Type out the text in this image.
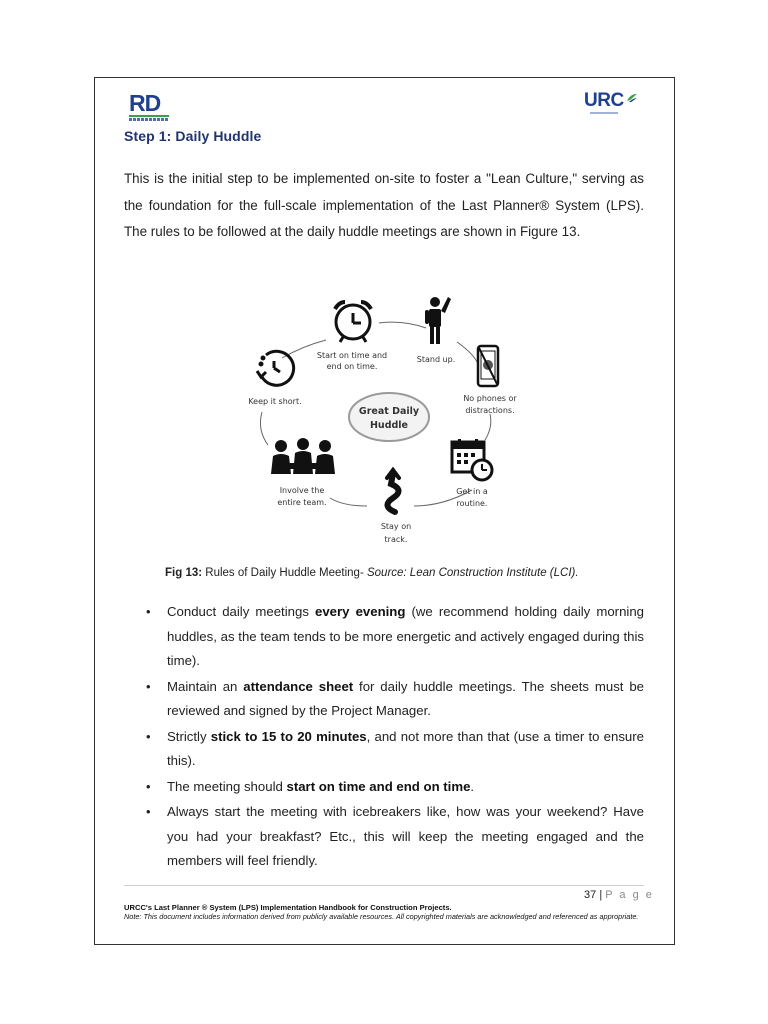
RD	URC
Step 1: Daily Huddle
This is the initial step to be implemented on-site to foster a "Lean Culture," serving as the foundation for the full-scale implementation of the Last Planner® System (LPS). The rules to be followed at the daily huddle meetings are shown in Figure 13.
Great Daily
Huddle
Start on time and
end on time.
Stand up.
No phones or
distractions.
Get in a
routine.
Stay on
track.
Involve the
entire team.
Keep it short.
Fig 13: Rules of Daily Huddle Meeting- Source: Lean Construction Institute (LCI).
• Conduct daily meetings every evening (we recommend holding daily morning huddles, as the team tends to be more energetic and actively engaged during this time).
• Maintain an attendance sheet for daily huddle meetings. The sheets must be reviewed and signed by the Project Manager.
• Strictly stick to 15 to 20 minutes, and not more than that (use a timer to ensure this).
• The meeting should start on time and end on time.
• Always start the meeting with icebreakers like, how was your weekend? Have you had your breakfast? Etc., this will keep the meeting engaged and the members will feel friendly.
37 | P a g e
URCC's Last Planner ® System (LPS) Implementation Handbook for Construction Projects.
Note: This document includes information derived from publicly available resources. All copyrighted materials are acknowledged and referenced as appropriate.
